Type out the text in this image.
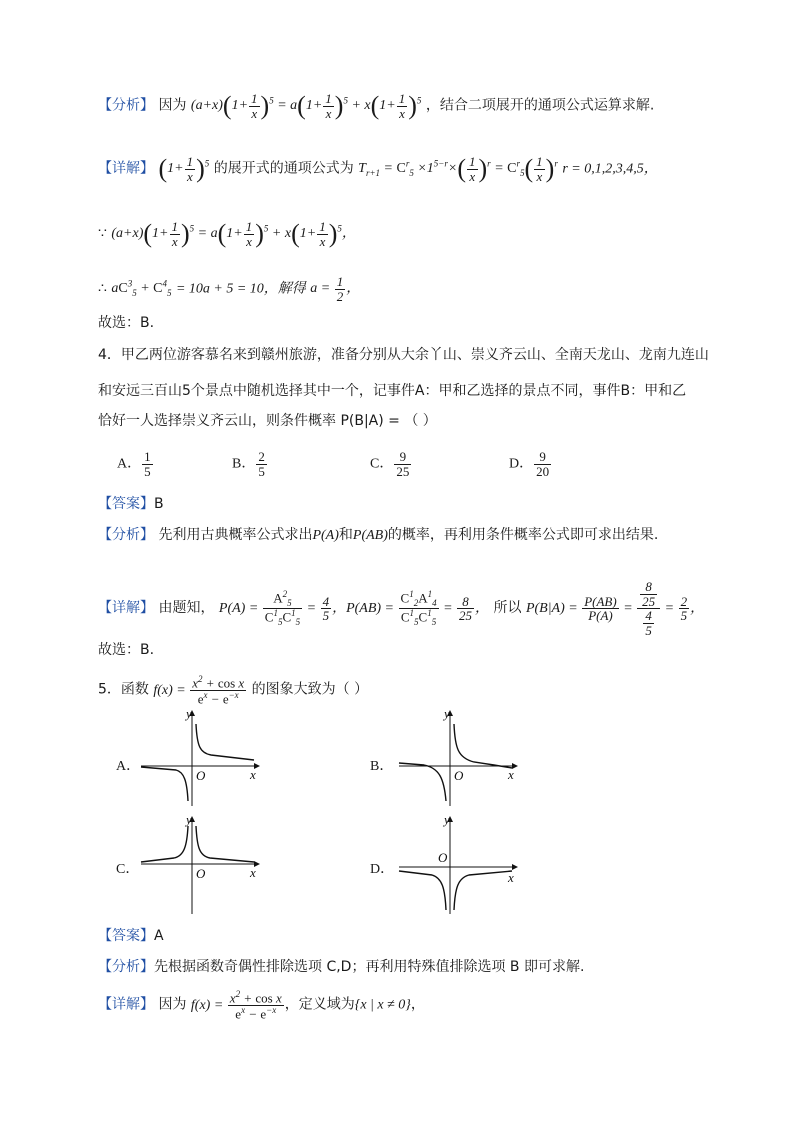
【分析】 因为 $(a+x)(1+ \frac{1}{x} )^5 = a(1+ \frac{1}{x} )^5 + x(1+ \frac{1}{x} )^5$ ，结合二项展开的通项公式运算求解.
【详解】 $(1+ \frac{1}{x} )^5$ 的展开式的通项公式为 $T_{r+1} = C^r_5 \times 1^{5-r}\times( \frac{1}{x} )^r = C^r_5( \frac{1}{x} )^r$ r = 0,1,2,3,4,5，
∵ $(a+x)(1+ \frac{1}{x} )^5 = a(1+ \frac{1}{x} )^5 + x(1+ \frac{1}{x} )^5$，
∴ $aC^3_5 + C^4_5 = 10a + 5 = 10$，解得 $a = \frac{1}{2}$ ，
故选：B.
4．甲乙两位游客慕名来到赣州旅游，准备分别从大余丫山、崇义齐云山、全南天龙山、龙南九连山
和安远三百山5个景点中随机选择其中一个，记事件A：甲和乙选择的景点不同，事件B：甲和乙
恰好一人选择崇义齐云山，则条件概率 P(B|A) = （ ）
A． $\frac{1}{5}$	B． $\frac{2}{5}$	C． $\frac{9}{25}$	D． $\frac{9}{20}$
【答案】B
【分析】 先利用古典概率公式求出P(A)和P(AB)的概率，再利用条件概率公式即可求出结果.
【详解】 由题知， $P(A) = \frac{A^2_5}{C^1_5C^1_5} = \frac{4}{5}$ ，$P(AB) = \frac{C^1_2A^1_4}{C^1_5C^1_5} = \frac{8}{25}$ ， 所以 $P(B|A) = \frac{P(AB)}{P(A)} = \frac{\frac{8}{25}}{\frac{4}{5}} = \frac{2}{5}$ ，
故选：B.
5．函数 $f(x) = \frac{x^2 + \cos x}{e^x - e^{-x}}$ 的图象大致为（ ）
A．
y
x
O
B．
y
x
O
C．
y
x
O	D．
y
x
O
【答案】A
【分析】先根据函数奇偶性排除选项 C,D；再利用特殊值排除选项 B 即可求解.
【详解】 因为 $f(x) = \frac{x^2 + \cos x}{e^x - e^{-x}}$ ，定义域为{x | x ≠ 0}，
